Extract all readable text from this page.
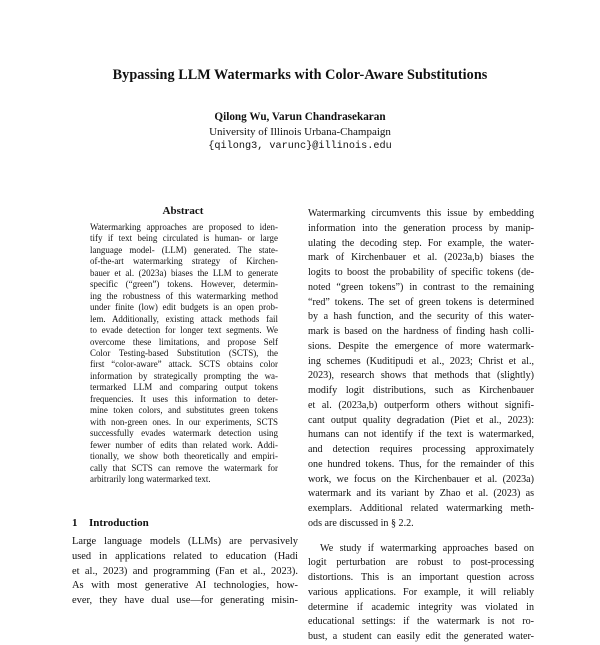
Bypassing LLM Watermarks with Color-Aware Substitutions
Qilong Wu, Varun Chandrasekaran
University of Illinois Urbana-Champaign
{qilong3, varunc}@illinois.edu
Abstract
Watermarking approaches are proposed to iden-
tify if text being circulated is human- or large
language model- (LLM) generated. The state-
of-the-art watermarking strategy of Kirchen-
bauer et al. (2023a) biases the LLM to generate
specific (“green”) tokens. However, determin-
ing the robustness of this watermarking method
under finite (low) edit budgets is an open prob-
lem. Additionally, existing attack methods fail
to evade detection for longer text segments. We
overcome these limitations, and propose Self
Color Testing-based Substitution (SCTS), the
first “color-aware” attack. SCTS obtains color
information by strategically prompting the wa-
termarked LLM and comparing output tokens
frequencies. It uses this information to deter-
mine token colors, and substitutes green tokens
with non-green ones. In our experiments, SCTS
successfully evades watermark detection using
fewer number of edits than related work. Addi-
tionally, we show both theoretically and empiri-
cally that SCTS can remove the watermark for
arbitrarily long watermarked text.
1 Introduction
Large language models (LLMs) are pervasively
used in applications related to education (Hadi
et al., 2023) and programming (Fan et al., 2023).
As with most generative AI technologies, how-
ever, they have dual use—for generating misin-
Watermarking circumvents this issue by embedding
information into the generation process by manip-
ulating the decoding step. For example, the water-
mark of Kirchenbauer et al. (2023a,b) biases the
logits to boost the probability of specific tokens (de-
noted “green tokens”) in contrast to the remaining
“red” tokens. The set of green tokens is determined
by a hash function, and the security of this water-
mark is based on the hardness of finding hash colli-
sions. Despite the emergence of more watermark-
ing schemes (Kuditipudi et al., 2023; Christ et al.,
2023), research shows that methods that (slightly)
modify logit distributions, such as Kirchenbauer
et al. (2023a,b) outperform others without signifi-
cant output quality degradation (Piet et al., 2023):
humans can not identify if the text is watermarked,
and detection requires processing approximately
one hundred tokens. Thus, for the remainder of this
work, we focus on the Kirchenbauer et al. (2023a)
watermark and its variant by Zhao et al. (2023) as
exemplars. Additional related watermarking meth-
ods are discussed in § 2.2.
We study if watermarking approaches based on
logit perturbation are robust to post-processing
distortions. This is an important question across
various applications. For example, it will reliably
determine if academic integrity was violated in
educational settings: if the watermark is not ro-
bust, a student can easily edit the generated water-
